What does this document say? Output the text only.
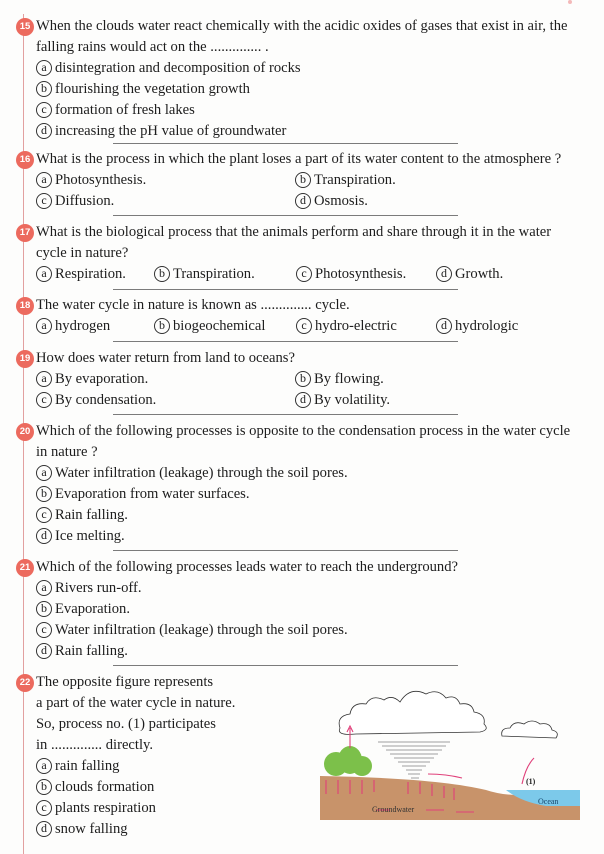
15 When the clouds water react chemically with the acidic oxides of gases that exist in air, the falling rains would act on the .............. .
a disintegration and decomposition of rocks
b flourishing the vegetation growth
c formation of fresh lakes
d increasing the pH value of groundwater
16 What is the process in which the plant loses a part of its water content to the atmosphere ?
a Photosynthesis.	b Transpiration.
c Diffusion.	d Osmosis.
17 What is the biological process that the animals perform and share through it in the water cycle in nature?
a Respiration.	b Transpiration.	c Photosynthesis.	d Growth.
18 The water cycle in nature is known as .............. cycle.
a hydrogen	b biogeochemical	c hydro-electric	d hydrologic
19 How does water return from land to oceans?
a By evaporation.	b By flowing.
c By condensation.	d By volatility.
20 Which of the following processes is opposite to the condensation process in the water cycle in nature ?
a Water infiltration (leakage) through the soil pores.
b Evaporation from water surfaces.
c Rain falling.
d Ice melting.
21 Which of the following processes leads water to reach the underground?
a Rivers run-off.
b Evaporation.
c Water infiltration (leakage) through the soil pores.
d Rain falling.
22 The opposite figure represents
a part of the water cycle in nature.
So, process no. (1) participates
in .............. directly.
a rain falling
b clouds formation
c plants respiration
d snow falling
Groundwater
Ocean
(1)
